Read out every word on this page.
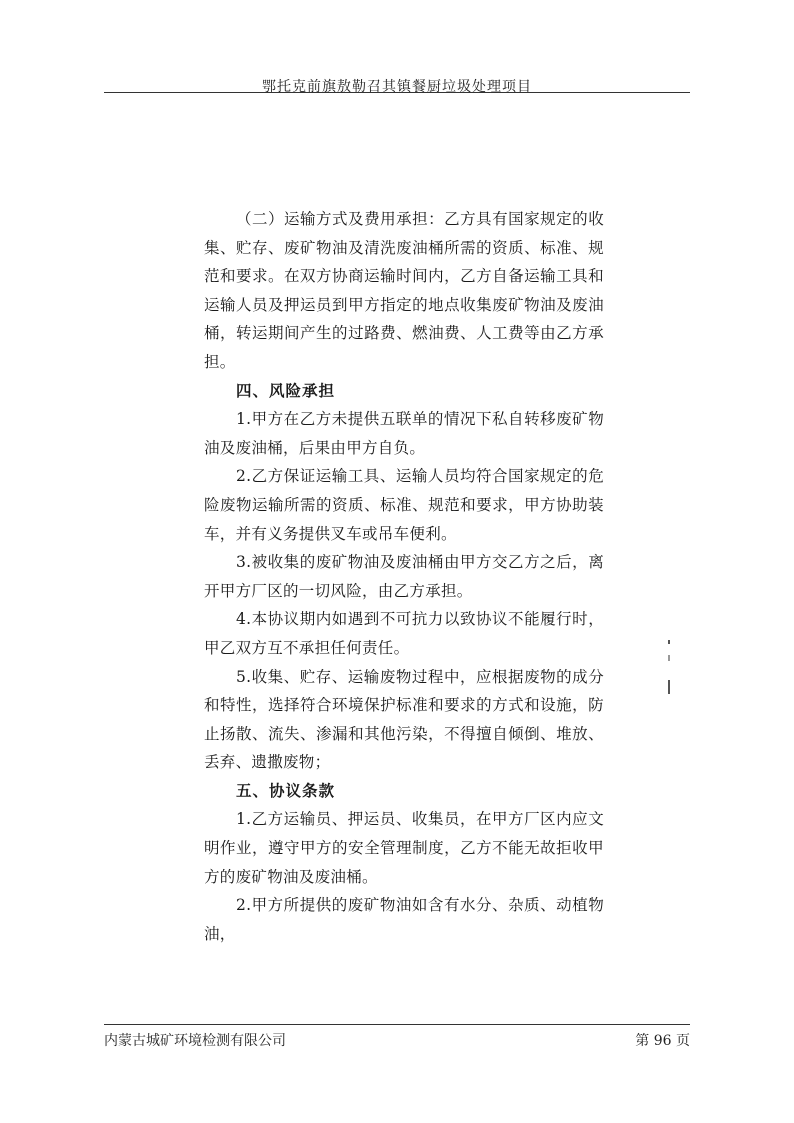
鄂托克前旗敖勒召其镇餐厨垃圾处理项目

（二）运输方式及费用承担：乙方具有国家规定的收集、贮存、废矿物油及清洗废油桶所需的资质、标准、规范和要求。在双方协商运输时间内，乙方自备运输工具和运输人员及押运员到甲方指定的地点收集废矿物油及废油桶，转运期间产生的过路费、燃油费、人工费等由乙方承担。

四、风险承担

1.甲方在乙方未提供五联单的情况下私自转移废矿物油及废油桶，后果由甲方自负。

2.乙方保证运输工具、运输人员均符合国家规定的危险废物运输所需的资质、标准、规范和要求，甲方协助装车，并有义务提供叉车或吊车便利。

3.被收集的废矿物油及废油桶由甲方交乙方之后，离开甲方厂区的一切风险，由乙方承担。

4.本协议期内如遇到不可抗力以致协议不能履行时，甲乙双方互不承担任何责任。

5.收集、贮存、运输废物过程中，应根据废物的成分和特性，选择符合环境保护标准和要求的方式和设施，防止扬散、流失、渗漏和其他污染，不得擅自倾倒、堆放、丢弃、遗撒废物；

五、协议条款

1.乙方运输员、押运员、收集员，在甲方厂区内应文明作业，遵守甲方的安全管理制度，乙方不能无故拒收甲方的废矿物油及废油桶。

2.甲方所提供的废矿物油如含有水分、杂质、动植物油，

内蒙古城矿环境检测有限公司	第 96 页
